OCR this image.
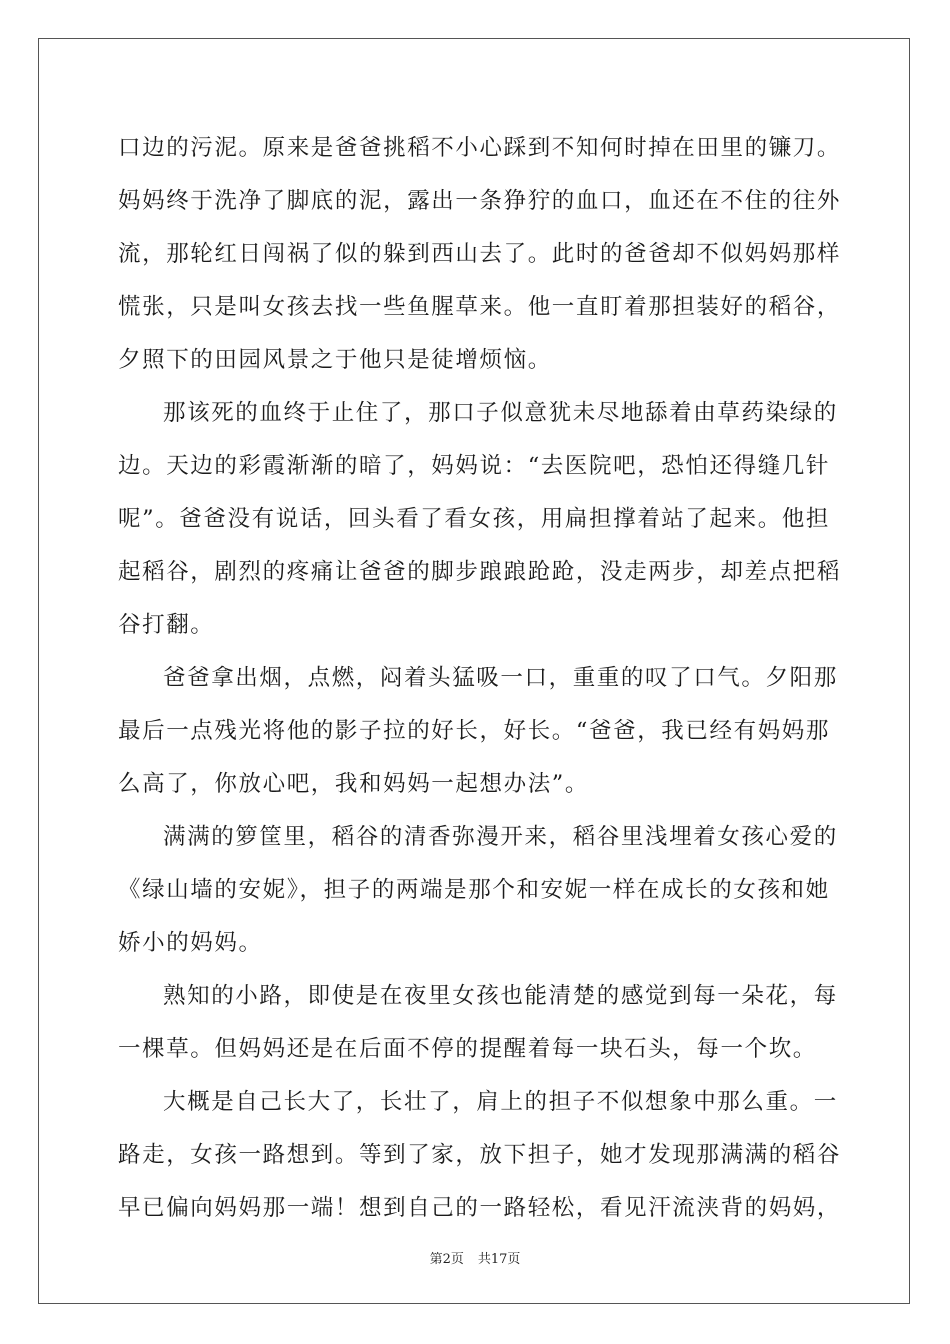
口边的污泥。原来是爸爸挑稻不小心踩到不知何时掉在田里的镰刀。
妈妈终于洗净了脚底的泥，露出一条狰狞的血口，血还在不住的往外
流，那轮红日闯祸了似的躲到西山去了。此时的爸爸却不似妈妈那样
慌张，只是叫女孩去找一些鱼腥草来。他一直盯着那担装好的稻谷，
夕照下的田园风景之于他只是徒增烦恼。
那该死的血终于止住了，那口子似意犹未尽地舔着由草药染绿的
边。天边的彩霞渐渐的暗了，妈妈说：“去医院吧，恐怕还得缝几针
呢”。爸爸没有说话，回头看了看女孩，用扁担撑着站了起来。他担
起稻谷，剧烈的疼痛让爸爸的脚步踉踉跄跄，没走两步，却差点把稻
谷打翻。
爸爸拿出烟，点燃，闷着头猛吸一口，重重的叹了口气。夕阳那
最后一点残光将他的影子拉的好长，好长。“爸爸，我已经有妈妈那
么高了，你放心吧，我和妈妈一起想办法”。
满满的箩筐里，稻谷的清香弥漫开来，稻谷里浅埋着女孩心爱的
《绿山墙的安妮》，担子的两端是那个和安妮一样在成长的女孩和她
娇小的妈妈。
熟知的小路，即使是在夜里女孩也能清楚的感觉到每一朵花，每
一棵草。但妈妈还是在后面不停的提醒着每一块石头，每一个坎。
大概是自己长大了，长壮了，肩上的担子不似想象中那么重。一
路走，女孩一路想到。等到了家，放下担子，她才发现那满满的稻谷
早已偏向妈妈那一端！想到自己的一路轻松，看见汗流浃背的妈妈，
第2页 共17页
